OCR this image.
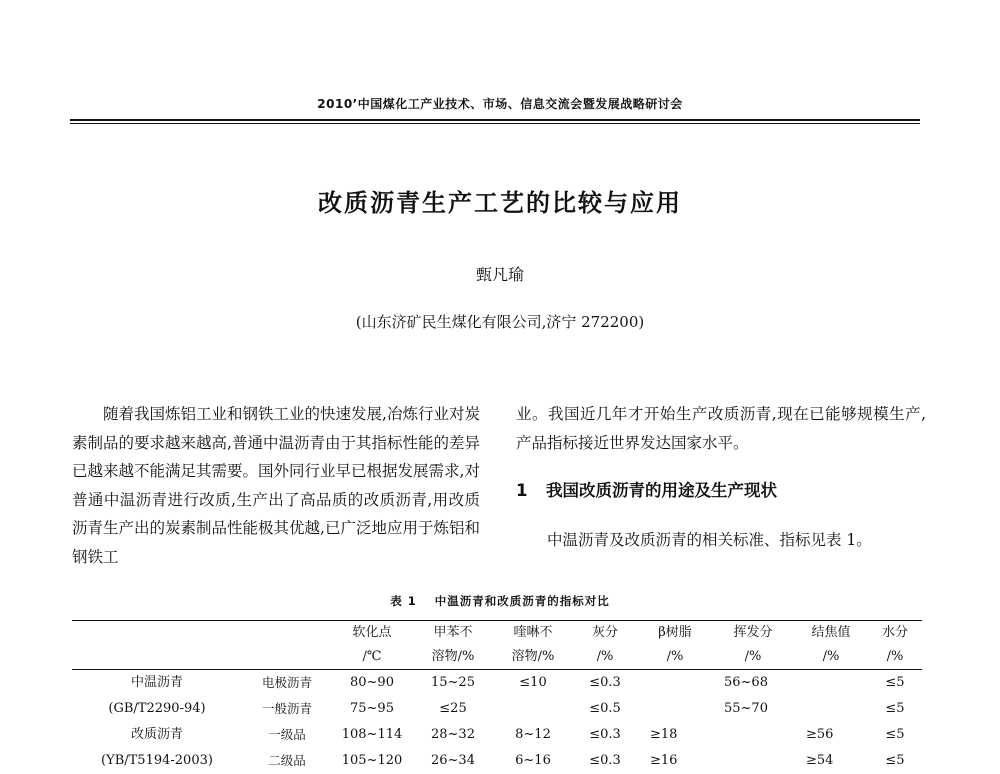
2010’中国煤化工产业技术、市场、信息交流会暨发展战略研讨会
改质沥青生产工艺的比较与应用
甄凡瑜
(山东济矿民生煤化有限公司,济宁 272200)

随着我国炼铝工业和钢铁工业的快速发展,冶炼行业对炭素制品的要求越来越高,普通中温沥青由于其指标性能的差异已越来越不能满足其需要。国外同行业早已根据发展需求,对普通中温沥青进行改质,生产出了高品质的改质沥青,用改质沥青生产出的炭素制品性能极其优越,已广泛地应用于炼铝和钢铁工

业。我国近几年才开始生产改质沥青,现在已能够规模生产,产品指标接近世界发达国家水平。

1 我国改质沥青的用途及生产现状

中温沥青及改质沥青的相关标准、指标见表 1。

表 1 中温沥青和改质沥青的指标对比
		软化点	甲苯不	喹啉不	灰分	β树脂	挥发分	结焦值	水分
		/℃	溶物/%	溶物/%	/%	/%	/%	/%	/%
中温沥青	电极沥青	80~90	15~25	≤10	≤0.3		56~68		≤5
(GB/T2290-94)	一般沥青	75~95	≤25		≤0.5		55~70		≤5
改质沥青	一级品	108~114	28~32	8~12	≤0.3	≥18		≥56	≤5
(YB/T5194-2003)	二级品	105~120	26~34	6~16	≤0.3	≥16		≥54	≤5
